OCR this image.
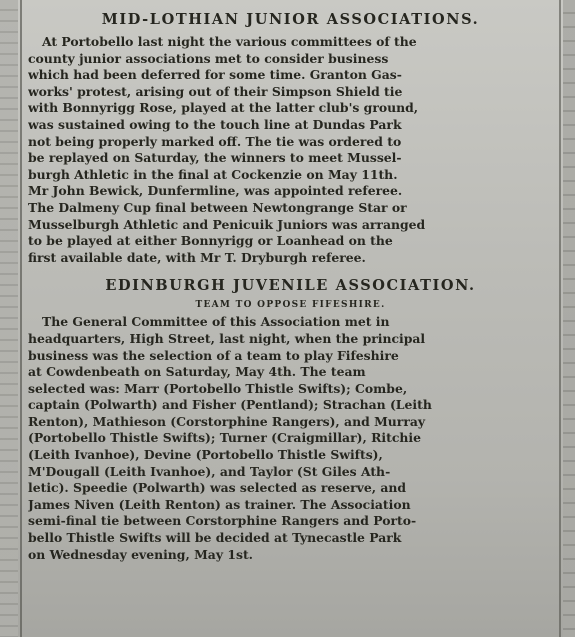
MID-LOTHIAN JUNIOR ASSOCIATIONS.
At Portobello last night the various committees of the
county junior associations met to consider business
which had been deferred for some time. Granton Gas-
works' protest, arising out of their Simpson Shield tie
with Bonnyrigg Rose, played at the latter club's ground,
was sustained owing to the touch line at Dundas Park
not being properly marked off. The tie was ordered to
be replayed on Saturday, the winners to meet Mussel-
burgh Athletic in the final at Cockenzie on May 11th.
Mr John Bewick, Dunfermline, was appointed referee.
The Dalmeny Cup final between Newtongrange Star or
Musselburgh Athletic and Penicuik Juniors was arranged
to be played at either Bonnyrigg or Loanhead on the
first available date, with Mr T. Dryburgh referee.
EDINBURGH JUVENILE ASSOCIATION.
TEAM TO OPPOSE FIFESHIRE.
The General Committee of this Association met in
headquarters, High Street, last night, when the principal
business was the selection of a team to play Fifeshire
at Cowdenbeath on Saturday, May 4th. The team
selected was: Marr (Portobello Thistle Swifts); Combe,
captain (Polwarth) and Fisher (Pentland); Strachan (Leith
Renton), Mathieson (Corstorphine Rangers), and Murray
(Portobello Thistle Swifts); Turner (Craigmillar), Ritchie
(Leith Ivanhoe), Devine (Portobello Thistle Swifts),
M'Dougall (Leith Ivanhoe), and Taylor (St Giles Ath-
letic). Speedie (Polwarth) was selected as reserve, and
James Niven (Leith Renton) as trainer. The Association
semi-final tie between Corstorphine Rangers and Porto-
bello Thistle Swifts will be decided at Tynecastle Park
on Wednesday evening, May 1st.
